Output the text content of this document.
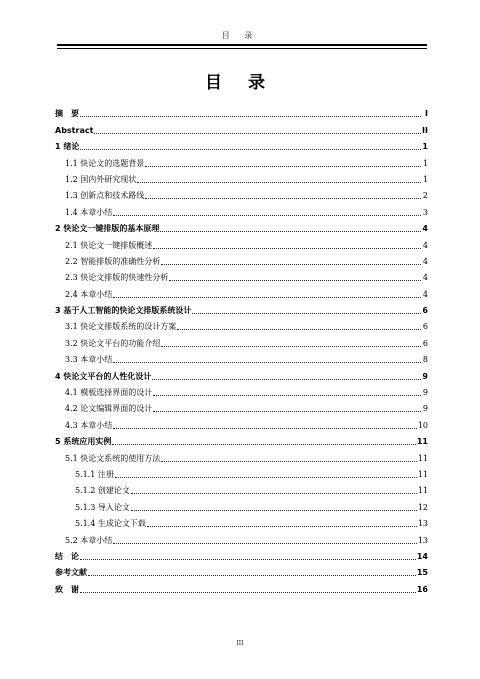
目 录
目 录
摘　要	I
Abstract	II
1 绪论	1
1.1 快论文的选题背景	1
1.2 国内外研究现状	1
1.3 创新点和技术路线	2
1.4 本章小结	3
2 快论文一键排版的基本原理	4
2.1 快论文一键排版概述	4
2.2 智能排版的准确性分析	4
2.3 快论文排版的快速性分析	4
2.4 本章小结	4
3 基于人工智能的快论文排版系统设计	6
3.1 快论文排版系统的设计方案	6
3.2 快论文平台的功能介绍	6
3.3 本章小结	8
4 快论文平台的人性化设计	9
4.1 模板选择界面的设计	9
4.2 论文编辑界面的设计	9
4.3 本章小结	10
5 系统应用实例	11
5.1 快论文系统的使用方法	11
5.1.1 注册	11
5.1.2 创建论文	11
5.1.3 导入论文	12
5.1.4 生成论文下载	13
5.2 本章小结	13
结　论	14
参考文献	15
致　谢	16
III
